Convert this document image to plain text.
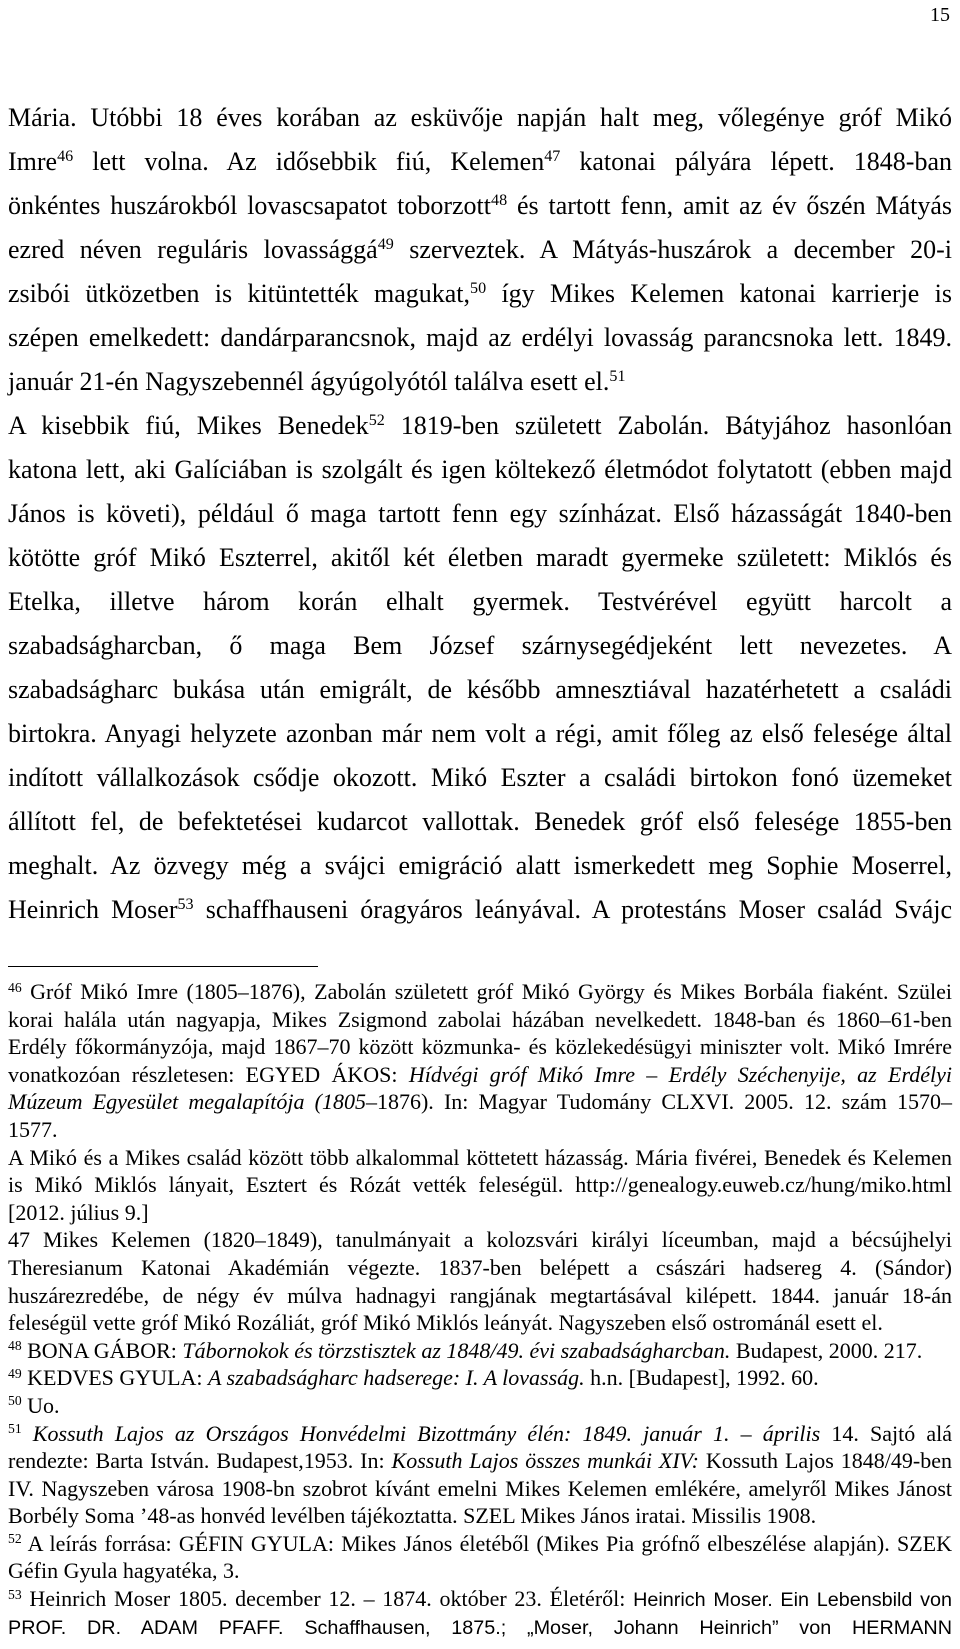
15
Mária. Utóbbi 18 éves korában az esküvője napján halt meg, vőlegénye gróf Mikó
Imre$^{46}$ lett volna. Az idősebbik fiú, Kelemen$^{47}$ katonai pályára lépett. 1848-ban
önkéntes huszárokból lovascsapatot toborzott$^{48}$ és tartott fenn, amit az év őszén Mátyás
ezred néven reguláris lovassággá$^{49}$ szerveztek. A Mátyás-huszárok a december 20-i
zsibói ütközetben is kitüntették magukat,$^{50}$ így Mikes Kelemen katonai karrierje is
szépen emelkedett: dandárparancsnok, majd az erdélyi lovasság parancsnoka lett. 1849.
január 21-én Nagyszebennél ágyúgolyótól találva esett el.$^{51}$
A kisebbik fiú, Mikes Benedek$^{52}$ 1819-ben született Zabolán. Bátyjához hasonlóan
katona lett, aki Galíciában is szolgált és igen költekező életmódot folytatott (ebben majd
János is követi), például ő maga tartott fenn egy színházat. Első házasságát 1840-ben
kötötte gróf Mikó Eszterrel, akitől két életben maradt gyermeke született: Miklós és
Etelka, illetve három korán elhalt gyermek. Testvérével együtt harcolt a
szabadságharcban, ő maga Bem József szárnysegédjeként lett nevezetes. A
szabadságharc bukása után emigrált, de később amnesztiával hazatérhetett a családi
birtokra. Anyagi helyzete azonban már nem volt a régi, amit főleg az első felesége által
indított vállalkozások csődje okozott. Mikó Eszter a családi birtokon fonó üzemeket
állított fel, de befektetései kudarcot vallottak. Benedek gróf első felesége 1855-ben
meghalt. Az özvegy még a svájci emigráció alatt ismerkedett meg Sophie Moserrel,
Heinrich Moser$^{53}$ schaffhauseni óragyáros leányával. A protestáns Moser család Svájc
$^{46}$ Gróf Mikó Imre (1805–1876), Zabolán született gróf Mikó György és Mikes Borbála fiaként. Szülei
korai halála után nagyapja, Mikes Zsigmond zabolai házában nevelkedett. 1848-ban és 1860–61-ben
Erdély főkormányzója, majd 1867–70 között közmunka- és közlekedésügyi miniszter volt. Mikó Imrére
vonatkozóan részletesen: EGYED ÁKOS: Hídvégi gróf Mikó Imre – Erdély Széchenyije, az Erdélyi
Múzeum Egyesület megalapítója (1805–1876). In: Magyar Tudomány CLXVI. 2005. 12. szám 1570–
1577.
A Mikó és a Mikes család között több alkalommal köttetett házasság. Mária fivérei, Benedek és Kelemen
is Mikó Miklós lányait, Esztert és Rózát vették feleségül. http://genealogy.euweb.cz/hung/miko.html
[2012. július 9.]
47 Mikes Kelemen (1820–1849), tanulmányait a kolozsvári királyi líceumban, majd a bécsújhelyi
Theresianum Katonai Akadémián végezte. 1837-ben belépett a császári hadsereg 4. (Sándor)
huszárezredébe, de négy év múlva hadnagyi rangjának megtartásával kilépett. 1844. január 18-án
feleségül vette gróf Mikó Rozáliát, gróf Mikó Miklós leányát. Nagyszeben első ostrománál esett el.
$^{48}$ BONA GÁBOR: Tábornokok és törzstisztek az 1848/49. évi szabadságharcban. Budapest, 2000. 217.
$^{49}$ KEDVES GYULA: A szabadságharc hadserege: I. A lovasság. h.n. [Budapest], 1992. 60.
$^{50}$ Uo.
$^{51}$ Kossuth Lajos az Országos Honvédelmi Bizottmány élén: 1849. január 1. – április 14. Sajtó alá
rendezte: Barta István. Budapest,1953. In: Kossuth Lajos összes munkái XIV: Kossuth Lajos 1848/49-ben
IV. Nagyszeben városa 1908-bn szobrot kívánt emelni Mikes Kelemen emlékére, amelyről Mikes Jánost
Borbély Soma ’48-as honvéd levélben tájékoztatta. SZEL Mikes János iratai. Missilis 1908.
$^{52}$ A leírás forrása: GÉFIN GYULA: Mikes János életéből (Mikes Pia grófnő elbeszélése alapján). SZEK
Géfin Gyula hagyatéka, 3.
$^{53}$ Heinrich Moser 1805. december 12. – 1874. október 23. Életéről: Heinrich Moser. Ein Lebensbild von
PROF. DR. ADAM PFAFF. Schaffhausen, 1875.; „Moser, Johann Heinrich” von HERMANN
